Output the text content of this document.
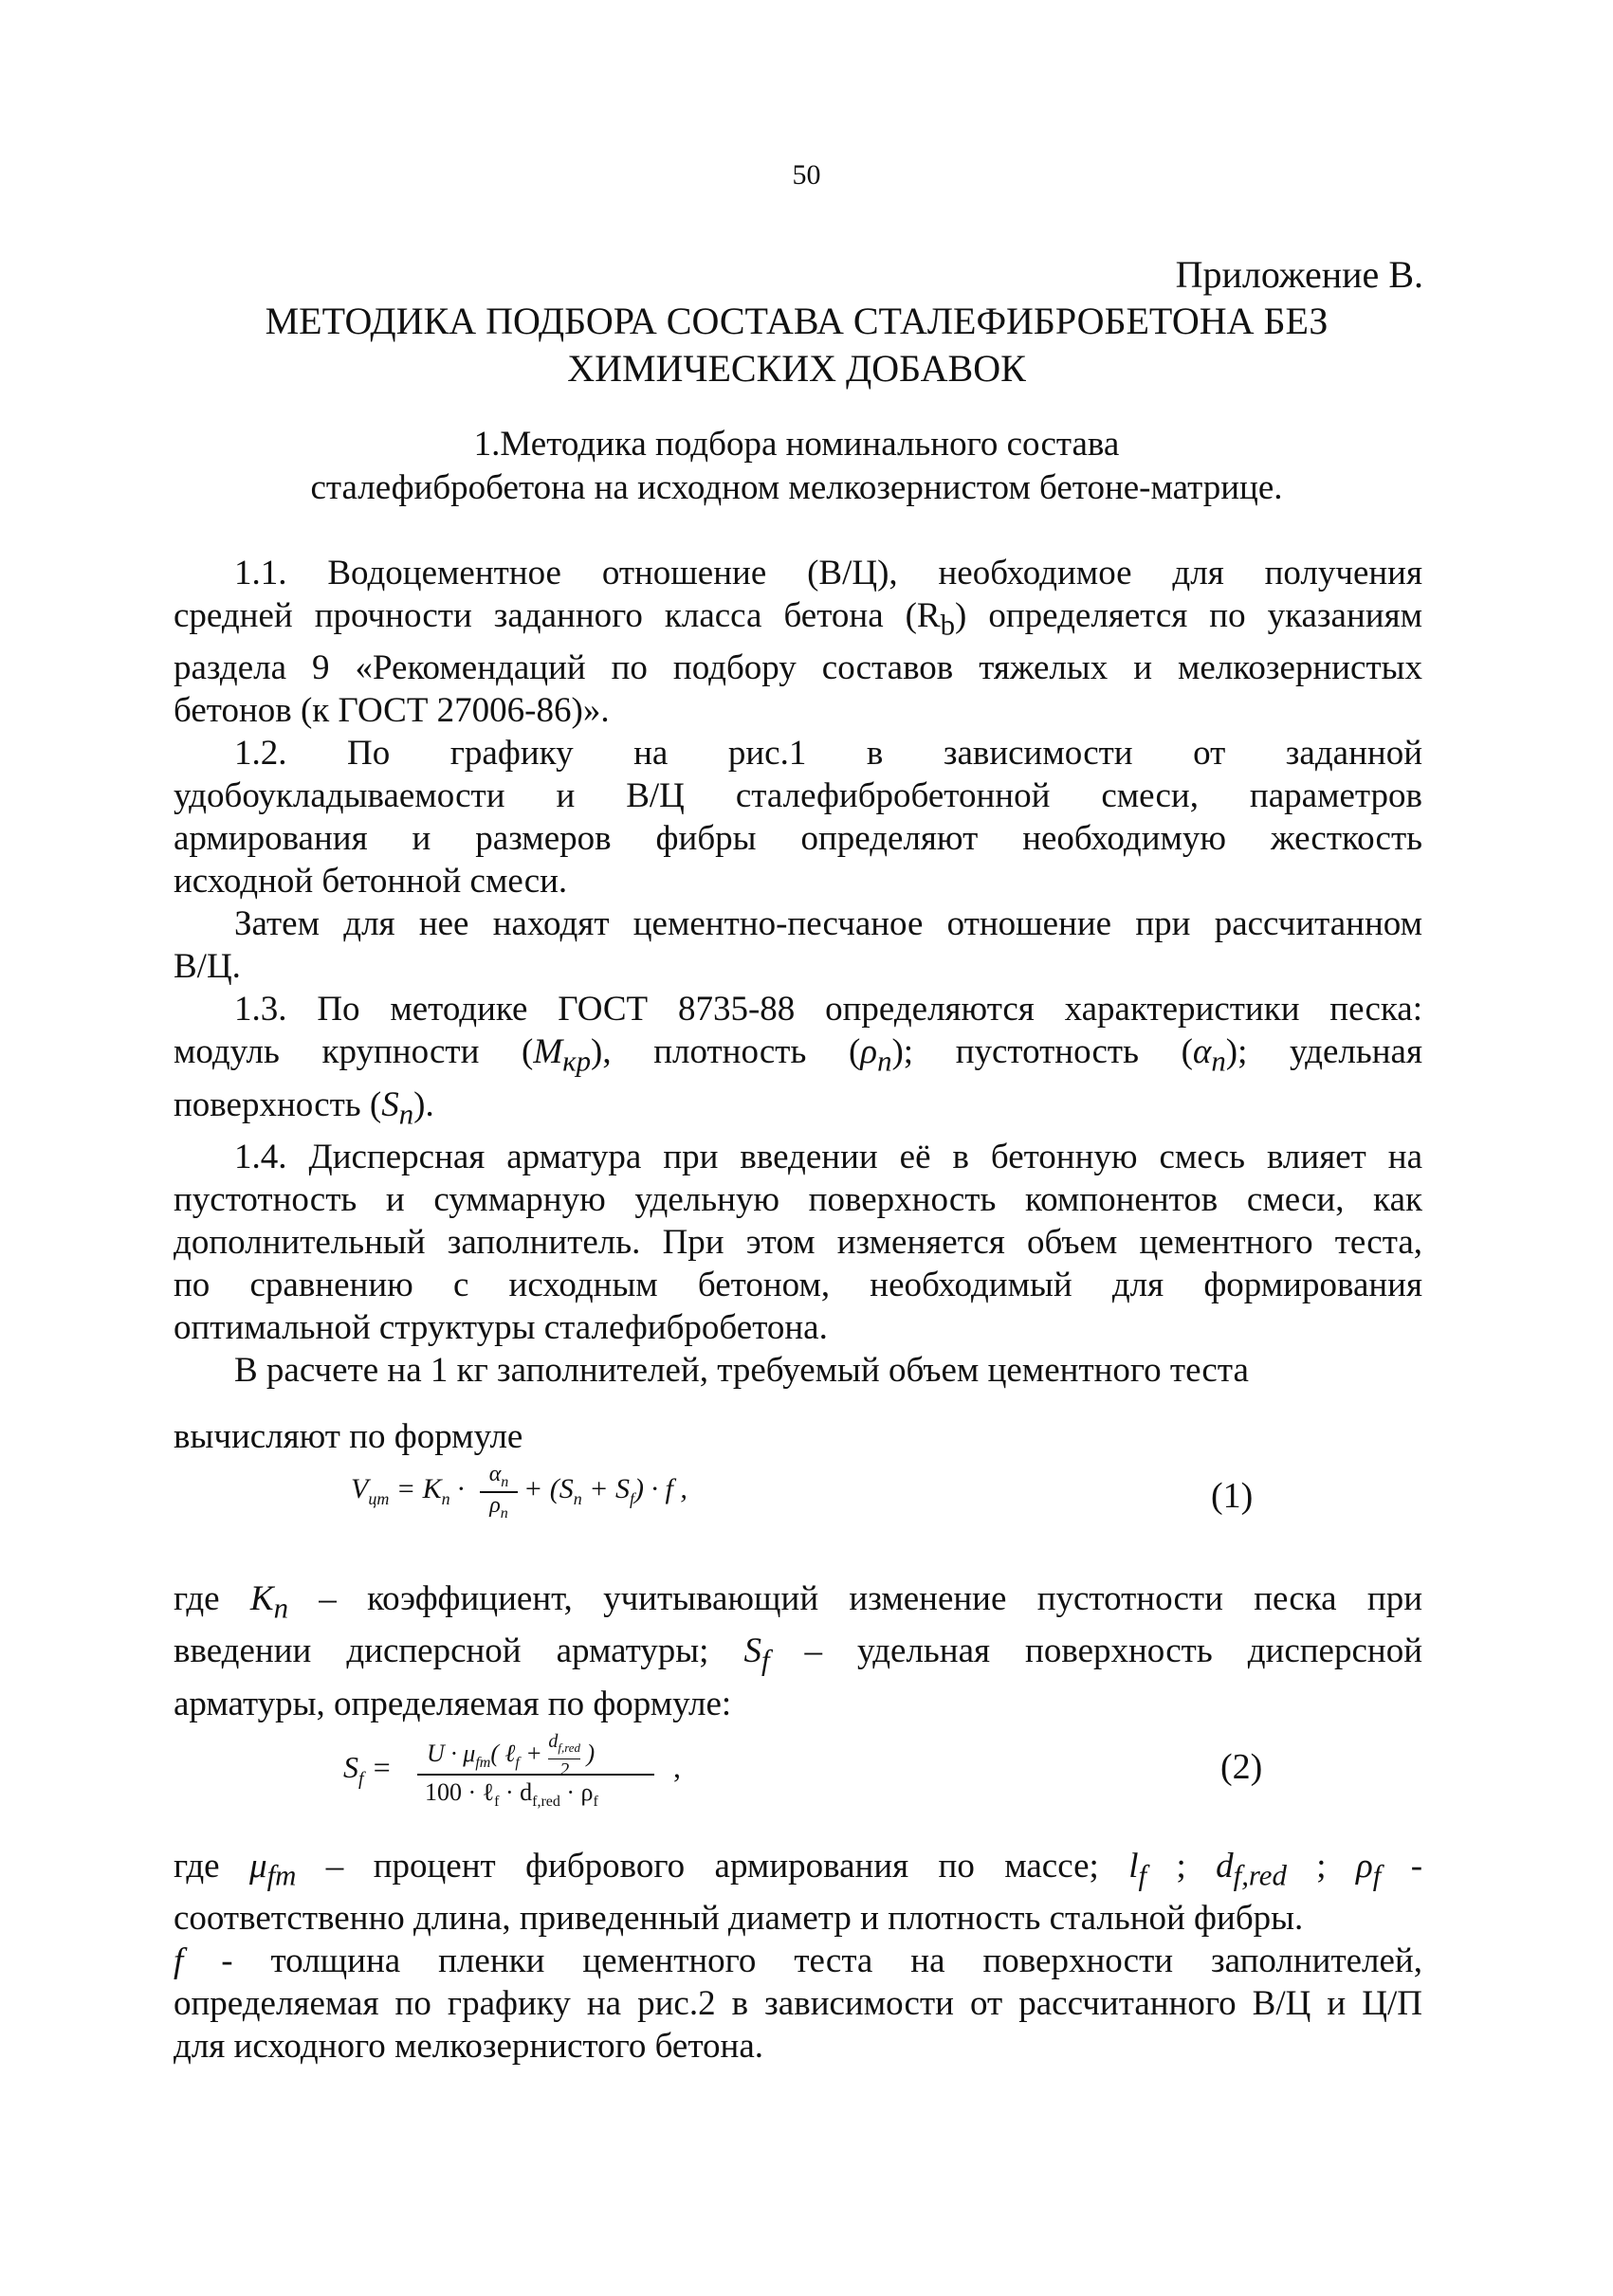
50
Приложение В.
МЕТОДИКА ПОДБОРА СОСТАВА СТАЛЕФИБРОБЕТОНА БЕЗ
ХИМИЧЕСКИХ ДОБАВОК
1.Методика подбора номинального состава
сталефибробетона на исходном мелкозернистом бетоне-матрице.

1.1. Водоцементное отношение (В/Ц), необходимое для получения

средней прочности заданного класса бетона $(R_b)$ определяется по указаниям

раздела 9 «Рекомендаций по подбору составов тяжелых и мелкозернистых

бетонов (к ГОСТ 27006-86)».

1.2. По графику на рис.1 в зависимости от заданной

удобоукладываемости и В/Ц сталефибробетонной смеси, параметров

армирования и размеров фибры определяют необходимую жесткость

исходной бетонной смеси.

Затем для нее находят цементно-песчаное отношение при рассчитанном

В/Ц.

1.3. По методике ГОСТ 8735-88 определяются характеристики песка:

модуль крупности $(M_{кр})$, плотность $(\rho_п)$; пустотность $(\alpha_п)$; удельная

поверхность $(S_п)$.

1.4. Дисперсная арматура при введении её в бетонную смесь влияет на

пустотность и суммарную удельную поверхность компонентов смеси, как

дополнительный заполнитель. При этом изменяется объем цементного теста,

по сравнению с исходным бетоном, необходимый для формирования

оптимальной структуры сталефибробетона.

В расчете на 1 кг заполнителей, требуемый объем цементного теста

вычисляют по формуле
$V_{цт} = K_п$ ·	$\alpha_п$
$\rho_п$
+ $(S_п + S_f) \cdot f$ ,	(1)

где $K_п$ – коэффициент, учитывающий изменение пустотности песка при

введении дисперсной арматуры; $S_f$ – удельная поверхность дисперсной

арматуры, определяемая по формуле:

$S_f = U \cdot \mu_{fm}$( ℓ$_f$ + $d_{f,red}$
2
)
100 · ℓ$_f$ · $d_{f,red} \cdot \rho_f$
,	(2)

где $\mu_{fm}$ – процент фибрового армирования по массе; $l_f$ ; $d_{f,red}$ ; $\rho_f$ -

соответственно длина, приведенный диаметр и плотность стальной фибры.

f - толщина пленки цементного теста на поверхности заполнителей,

определяемая по графику на рис.2 в зависимости от рассчитанного В/Ц и Ц/П

для исходного мелкозернистого бетона.
